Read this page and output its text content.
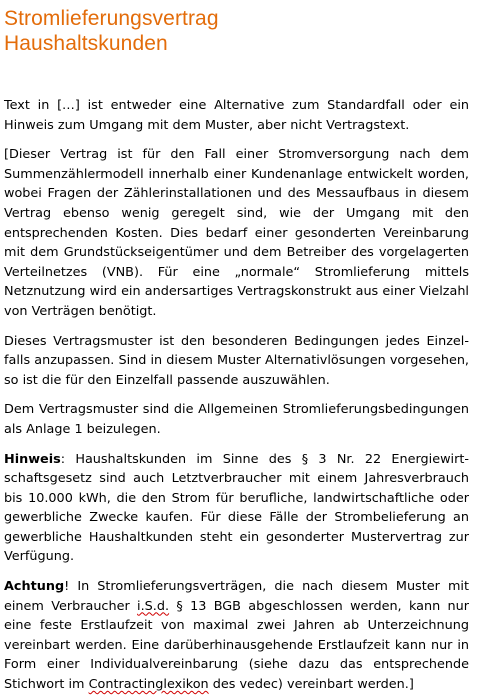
Stromlieferungsvertrag
Haushaltskunden

Text in […] ist entweder eine Alternative zum Standardfall oder ein Hinweis zum Umgang mit dem Muster, aber nicht Vertragstext.

[Dieser Vertrag ist für den Fall einer Stromversorgung nach dem Summenzählermodell innerhalb einer Kundenanlage entwickelt worden, wobei Fragen der Zählerinstallationen und des Messaufbaus in diesem Vertrag ebenso wenig geregelt sind, wie der Umgang mit den entsprechenden Kosten. Dies bedarf einer gesonderten Vereinbarung mit dem Grundstückseigentümer und dem Betreiber des vorgelagerten Verteilnetzes (VNB). Für eine „normale“ Stromlieferung mittels Netznutzung wird ein andersartiges Vertragskonstrukt aus einer Vielzahl von Verträgen benötigt.

Dieses Vertragsmuster ist den besonderen Bedingungen jedes Einzelfalls anzupassen. Sind in diesem Muster Alternativlösungen vorgesehen, so ist die für den Einzelfall passende auszuwählen.

Dem Vertragsmuster sind die Allgemeinen Stromlieferungsbedingungen als Anlage 1 beizulegen.

Hinweis: Haushaltskunden im Sinne des § 3 Nr. 22 Energiewirtschaftsgesetz sind auch Letztverbraucher mit einem Jahresverbrauch bis 10.000 kWh, die den Strom für berufliche, landwirtschaftliche oder gewerbliche Zwecke kaufen. Für diese Fälle der Strombelieferung an gewerbliche Haushaltkunden steht ein gesonderter Mustervertrag zur Verfügung.

Achtung! In Stromlieferungsverträgen, die nach diesem Muster mit einem Verbraucher i.S.d. § 13 BGB abgeschlossen werden, kann nur eine feste Erstlaufzeit von maximal zwei Jahren ab Unterzeichnung vereinbart werden. Eine darüberhinausgehende Erstlaufzeit kann nur in Form einer Individualvereinbarung (siehe dazu das entsprechende Stichwort im Contractinglexikon des vedec) vereinbart werden.]
